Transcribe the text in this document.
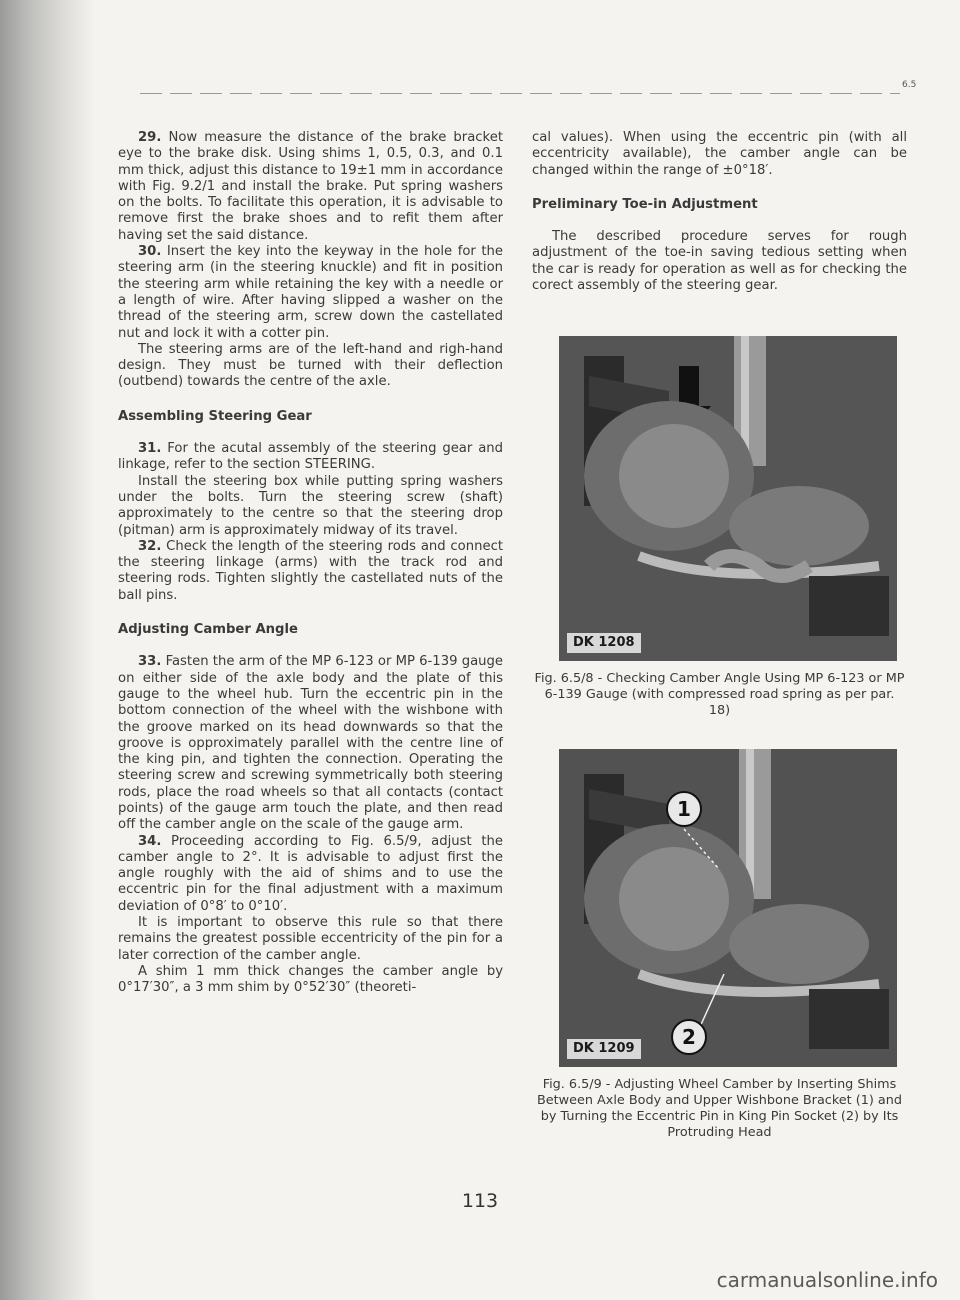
6.5

29. Now measure the distance of the brake bracket eye to the brake disk. Using shims 1, 0.5, 0.3, and 0.1 mm thick, adjust this distance to 19±1 mm in accordance with Fig. 9.2/1 and install the brake. Put spring washers on the bolts. To facilitate this operation, it is advisable to remove first the brake shoes and to refit them after having set the said distance.

30. Insert the key into the keyway in the hole for the steering arm (in the steering knuckle) and fit in position the steering arm while retaining the key with a needle or a length of wire. After having slipped a washer on the thread of the steering arm, screw down the castellated nut and lock it with a cotter pin.

The steering arms are of the left-hand and righ-hand design. They must be turned with their deflection (outbend) towards the centre of the axle.

Assembling Steering Gear

31. For the acutal assembly of the steering gear and linkage, refer to the section STEERING.

Install the steering box while putting spring washers under the bolts. Turn the steering screw (shaft) approximately to the centre so that the steering drop (pitman) arm is approximately midway of its travel.

32. Check the length of the steering rods and connect the steering linkage (arms) with the track rod and steering rods. Tighten slightly the castellated nuts of the ball pins.

Adjusting Camber Angle

33. Fasten the arm of the MP 6-123 or MP 6-139 gauge on either side of the axle body and the plate of this gauge to the wheel hub. Turn the eccentric pin in the bottom connection of the wheel with the wishbone with the groove marked on its head downwards so that the groove is opproximately parallel with the centre line of the king pin, and tighten the connection. Operating the steering screw and screwing symmetrically both steering rods, place the road wheels so that all contacts (contact points) of the gauge arm touch the plate, and then read off the camber angle on the scale of the gauge arm.

34. Proceeding according to Fig. 6.5/9, adjust the camber angle to 2°. It is advisable to adjust first the angle roughly with the aid of shims and to use the eccentric pin for the final adjustment with a maximum deviation of 0°8′ to 0°10′.

It is important to observe this rule so that there remains the greatest possible eccentricity of the pin for a later correction of the camber angle.

A shim 1 mm thick changes the camber angle by 0°17′30″, a 3 mm shim by 0°52′30″ (theoreti-

cal values). When using the eccentric pin (with all eccentricity available), the camber angle can be changed within the range of ±0°18′.

Preliminary Toe-in Adjustment

The described procedure serves for rough adjustment of the toe-in saving tedious setting when the car is ready for operation as well as for checking the corect assembly of the steering gear.

DK 1208

Fig. 6.5/8 - Checking Camber Angle Using MP 6-123 or MP 6-139 Gauge (with compressed road spring as per par. 18)

1
2
DK 1209

Fig. 6.5/9 - Adjusting Wheel Camber by Inserting Shims Between Axle Body and Upper Wishbone Bracket (1) and by Turning the Eccentric Pin in King Pin Socket (2) by Its Protruding Head

113
carmanualsonline.info
